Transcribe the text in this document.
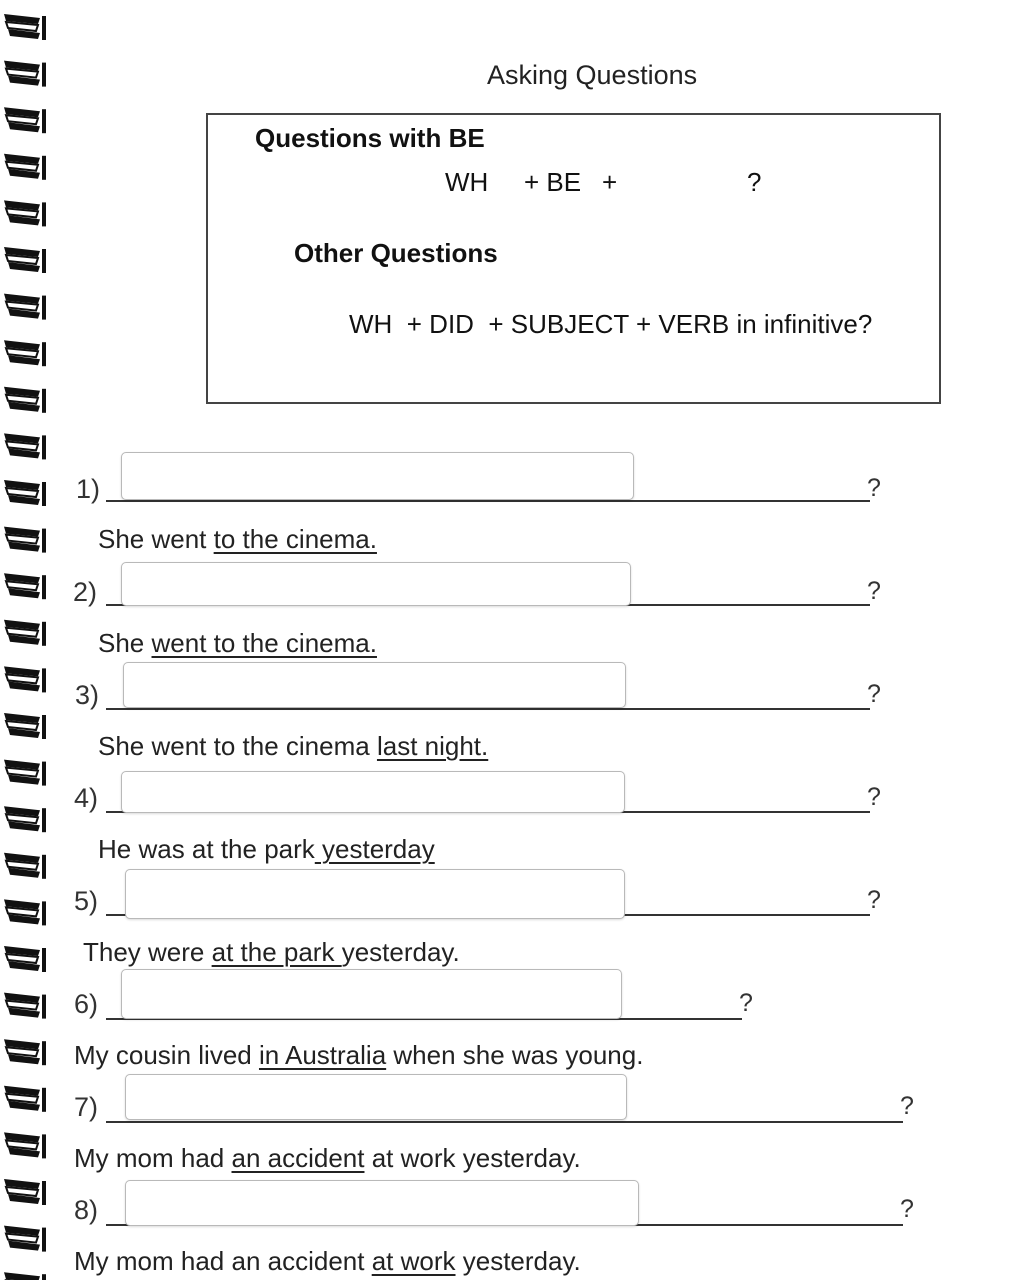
Asking Questions
Questions with BE
WH + BE +	?
Other Questions
WH  + DID  + SUBJECT + VERB in infinitive?
1)	?
She went to the cinema.
2)	?
She went to the cinema.
3)	?
She went to the cinema last night.
4)	?
He was at the park yesterday
5)	?
They were at the park yesterday.
6)	?
My cousin lived in Australia when she was young.
7)	?
My mom had an accident at work yesterday.
8)	?
My mom had an accident at work yesterday.
